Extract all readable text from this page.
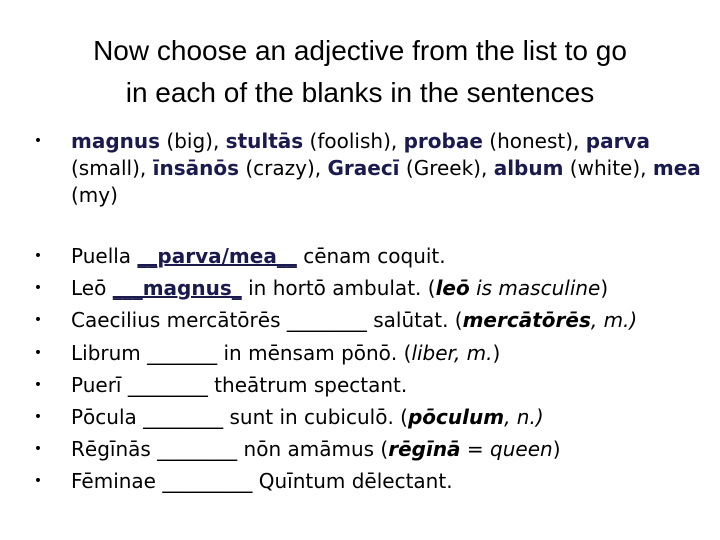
Now choose an adjective from the list to go
in each of the blanks in the sentences
• magnus (big), stultās (foolish), probae (honest), parva (small), īnsānōs (crazy), Graecī (Greek), album (white), mea (my)
• Puella __parva/mea__ cēnam coquit.
• Leō ___magnus_ in hortō ambulat. (leō is masculine)
• Caecilius mercātōrēs ________ salūtat. (mercātōrēs, m.)
• Librum _______ in mēnsam pōnō. (liber, m.)
• Puerī ________ theātrum spectant.
• Pōcula ________ sunt in cubiculō. (pōculum, n.)
• Rēgīnās ________ nōn amāmus (rēgīnā = queen)
• Fēminae _________ Quīntum dēlectant.
